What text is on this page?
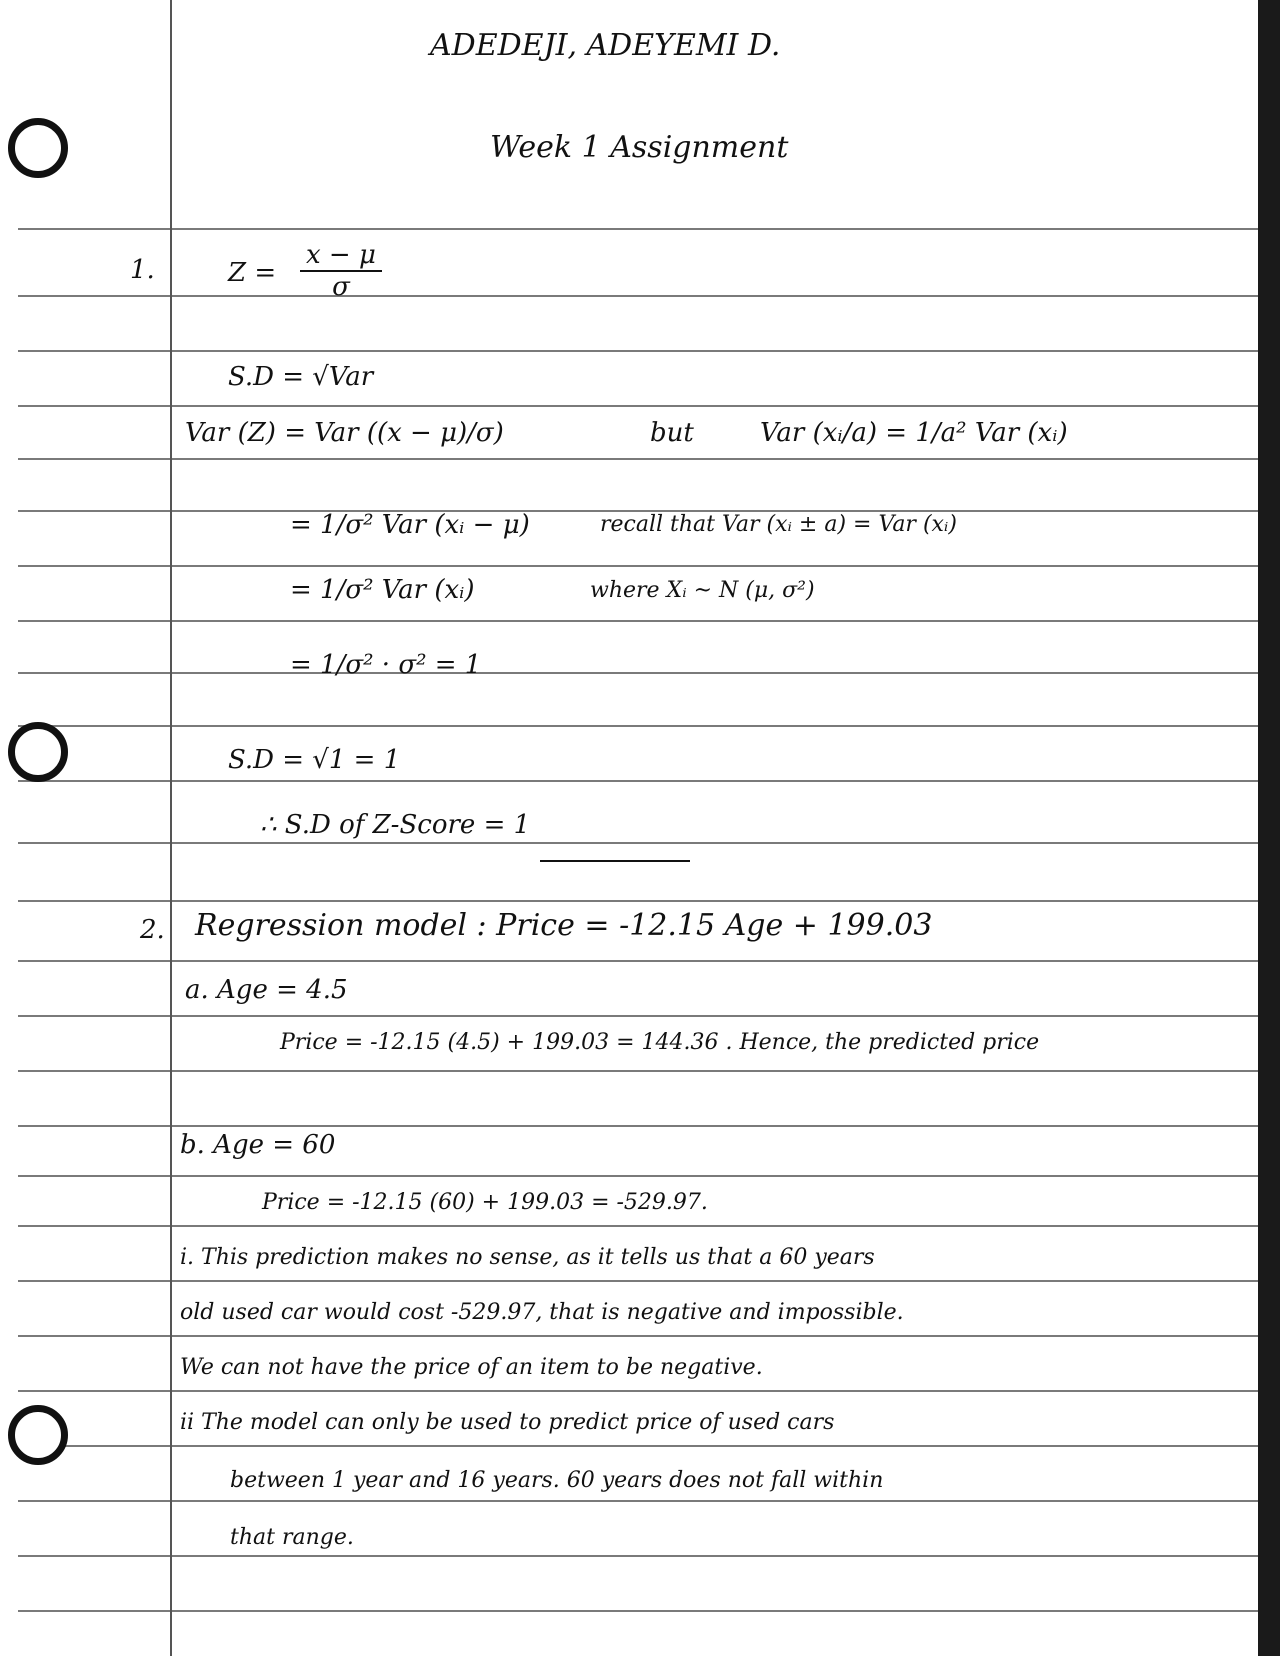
ADEDEJI, ADEYEMI D.
Week 1 Assignment
1.	$Z = \frac{x - \mu}{\sigma}$
S.D = √Var
Var (Z) = Var ((x − μ)/σ)	but	Var (xᵢ/a) = 1/a² Var (xᵢ)
= 1/σ² Var (xᵢ − μ)	recall that Var (xᵢ ± a) = Var (xᵢ)
= 1/σ² Var (xᵢ)	where Xᵢ ~ N (μ, σ²)
= 1/σ² · σ² = 1
S.D = √1 = 1
∴ S.D of Z-Score = 1
2. Regression model : Price = -12.15 Age + 199.03
a. Age = 4.5
Price = -12.15 (4.5) + 199.03 = 144.36 . Hence, the predicted price
b. Age = 60
Price = -12.15 (60) + 199.03 = -529.97.
i. This prediction makes no sense, as it tells us that a 60 years
old used car would cost -529.97, that is negative and impossible.
We can not have the price of an item to be negative.
ii The model can only be used to predict price of used cars
between 1 year and 16 years. 60 years does not fall within
that range.
